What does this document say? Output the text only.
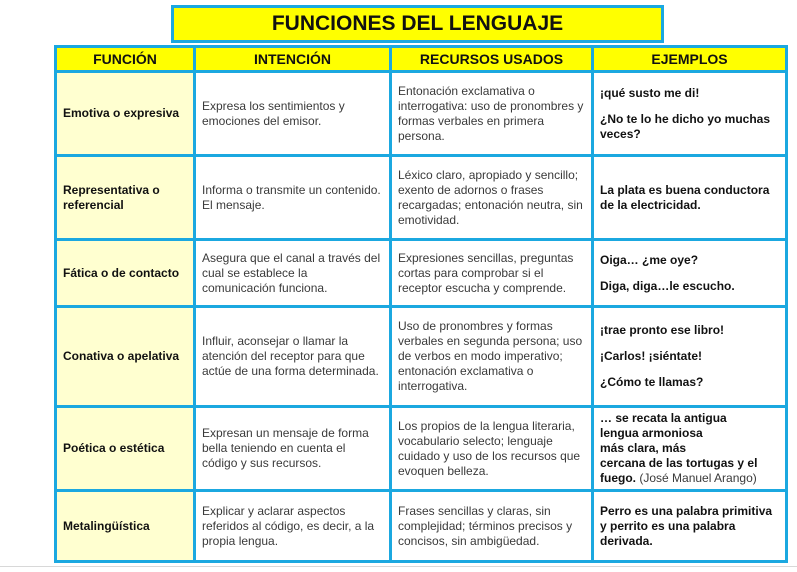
FUNCIONES DEL LENGUAJE
FUNCIÓN	INTENCIÓN	RECURSOS USADOS	EJEMPLOS
Emotiva o expresiva	Expresa los sentimientos y emociones del emisor.	Entonación exclamativa o interrogativa: uso de pronombres y formas verbales en primera persona.	¡qué susto me di!
¿No te lo he dicho yo muchas veces?

Representativa o referencial	Informa o transmite un contenido. El mensaje.	Léxico claro, apropiado y sencillo; exento de adornos o frases recargadas; entonación neutra, sin emotividad.	La plata es buena conductora de la electricidad.

Fática o de contacto	Asegura que el canal a través del cual se establece la comunicación funciona.	Expresiones sencillas, preguntas cortas para comprobar si el receptor escucha y comprende.	Oiga… ¿me oye?
Diga, diga…le escucho.

Conativa o apelativa	Influir, aconsejar o llamar la atención del receptor para que actúe de una forma determinada.	Uso de pronombres y formas verbales en segunda persona; uso de verbos en modo imperativo; entonación exclamativa o interrogativa.	¡trae pronto ese libro!
¡Carlos! ¡siéntate!
¿Cómo te llamas?

Poética o estética	Expresan un mensaje de forma bella teniendo en cuenta el código y sus recursos.	Los propios de la lengua literaria, vocabulario selecto; lenguaje cuidado y uso de los recursos que evoquen belleza.	… se recata la antigua
lengua armoniosa
más clara, más
cercana de las tortugas y el
fuego. (José Manuel Arango)

Metalingüística	Explicar y aclarar aspectos referidos al código, es decir, a la propia lengua.	Frases sencillas y claras, sin complejidad; términos precisos y concisos, sin ambigüedad.	Perro es una palabra primitiva y perrito es una palabra derivada.
